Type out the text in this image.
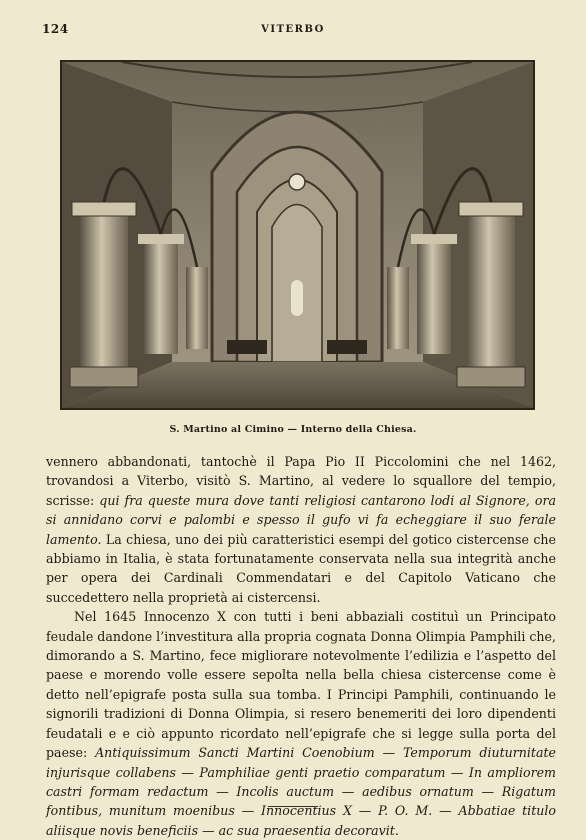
124	VITERBO
S. Martino al Cimino — Interno della Chiesa.

vennero abbandonati, tantochè il Papa Pio II Piccolomini che nel 1462, trovandosi a Viterbo, visitò S. Martino, al vedere lo squallore del tempio, scrisse: qui fra queste mura dove tanti religiosi cantarono lodi al Signore, ora si annidano corvi e palombi e spesso il gufo vi fa echeggiare il suo ferale lamento. La chiesa, uno dei più caratteristici esempi del gotico cistercense che abbiamo in Italia, è stata fortunatamente conservata nella sua integrità anche per opera dei Cardinali Commendatari e del Capitolo Vaticano che succedettero nella proprietà ai cistercensi.

Nel 1645 Innocenzo X con tutti i beni abbaziali costituì un Principato feudale dandone l’investitura alla propria cognata Donna Olimpia Pamphili che, dimorando a S. Martino, fece migliorare notevolmente l’edilizia e l’aspetto del paese e morendo volle essere sepolta nella bella chiesa cistercense come è detto nell’epigrafe posta sulla sua tomba. I Principi Pamphili, continuando le signorili tradizioni di Donna Olimpia, si resero benemeriti dei loro dipendenti feudatali e e ciò appunto ricordato nell’epigrafe che si legge sulla porta del paese: Antiquissimum Sancti Martini Coenobium — Temporum diuturnitate injurisque collabens — Pamphiliae genti praetio comparatum — In ampliorem castri formam redactum — Incolis auctum — aedibus ornatum — Rigatum fontibus, munitum moenibus — Innocentius X — P. O. M. — Abbatiae titulo aliisque novis beneficiis — ac sua praesentia decoravit.
